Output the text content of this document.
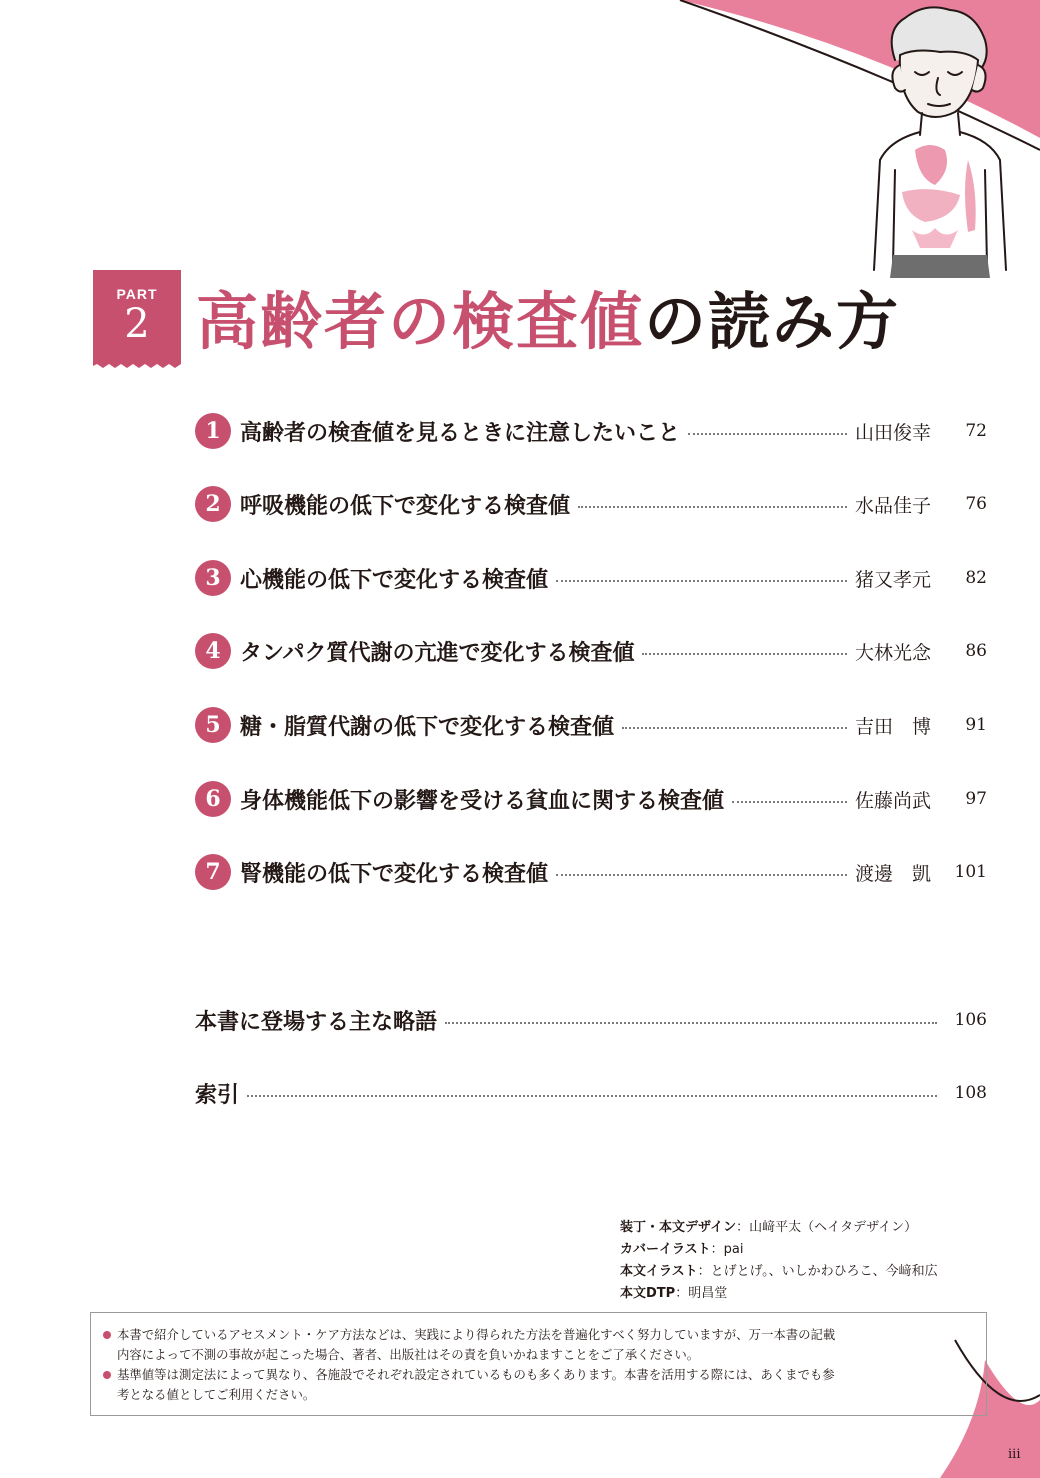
PART
2 高齢者の検査値の読み方
1 高齢者の検査値を見るときに注意したいこと	山田俊幸	72
2 呼吸機能の低下で変化する検査値	水品佳子	76
3 心機能の低下で変化する検査値	猪又孝元	82
4 タンパク質代謝の亢進で変化する検査値	大林光念	86
5 糖・脂質代謝の低下で変化する検査値	吉田　博	91
6 身体機能低下の影響を受ける貧血に関する検査値	佐藤尚武	97
7 腎機能の低下で変化する検査値	渡邊　凱	101
本書に登場する主な略語	106
索引	108
装丁・本文デザイン：山﨑平太（ヘイタデザイン）
カバーイラスト：pai
本文イラスト：とげとげ。、いしかわひろこ、今﨑和広
本文DTP：明昌堂
本書で紹介しているアセスメント・ケア方法などは、実践により得られた方法を普遍化すべく努力していますが、万一本書の記載
内容によって不測の事故が起こった場合、著者、出版社はその責を負いかねますことをご了承ください。
基準値等は測定法によって異なり、各施設でそれぞれ設定されているものも多くあります。本書を活用する際には、あくまでも参
考となる値としてご利用ください。
iii
